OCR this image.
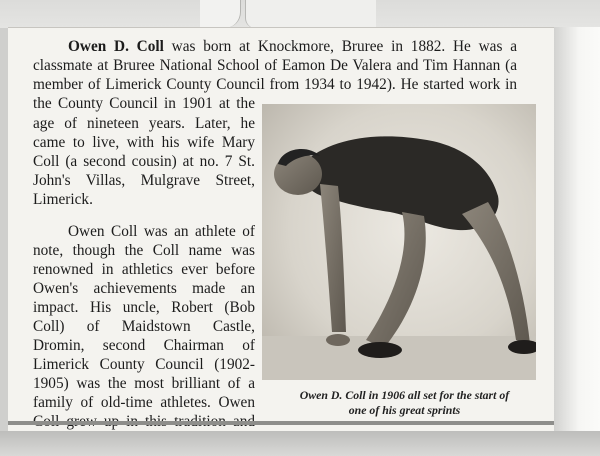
Owen D. Coll was born at Knockmore, Bruree in 1882. He was a

classmate at Bruree National School of Eamon De Valera and Tim Hannan (a

member of Limerick County Council from 1934 to 1942). He started work in

the County Council in 1901 at the

age of nineteen years. Later, he

came to live, with his wife Mary

Coll (a second cousin) at no. 7 St.

John's Villas, Mulgrave Street,

Limerick.

Owen Coll was an athlete of

note, though the Coll name was

renowned in athletics ever before

Owen's achievements made an

impact. His uncle, Robert (Bob

Coll) of Maidstown Castle,

Dromin, second Chairman of

Limerick County Council (1902-

1905) was the most brilliant of a

family of old-time athletes. Owen	Owen D. Coll in 1906 all set for the start of
one of his great sprints
